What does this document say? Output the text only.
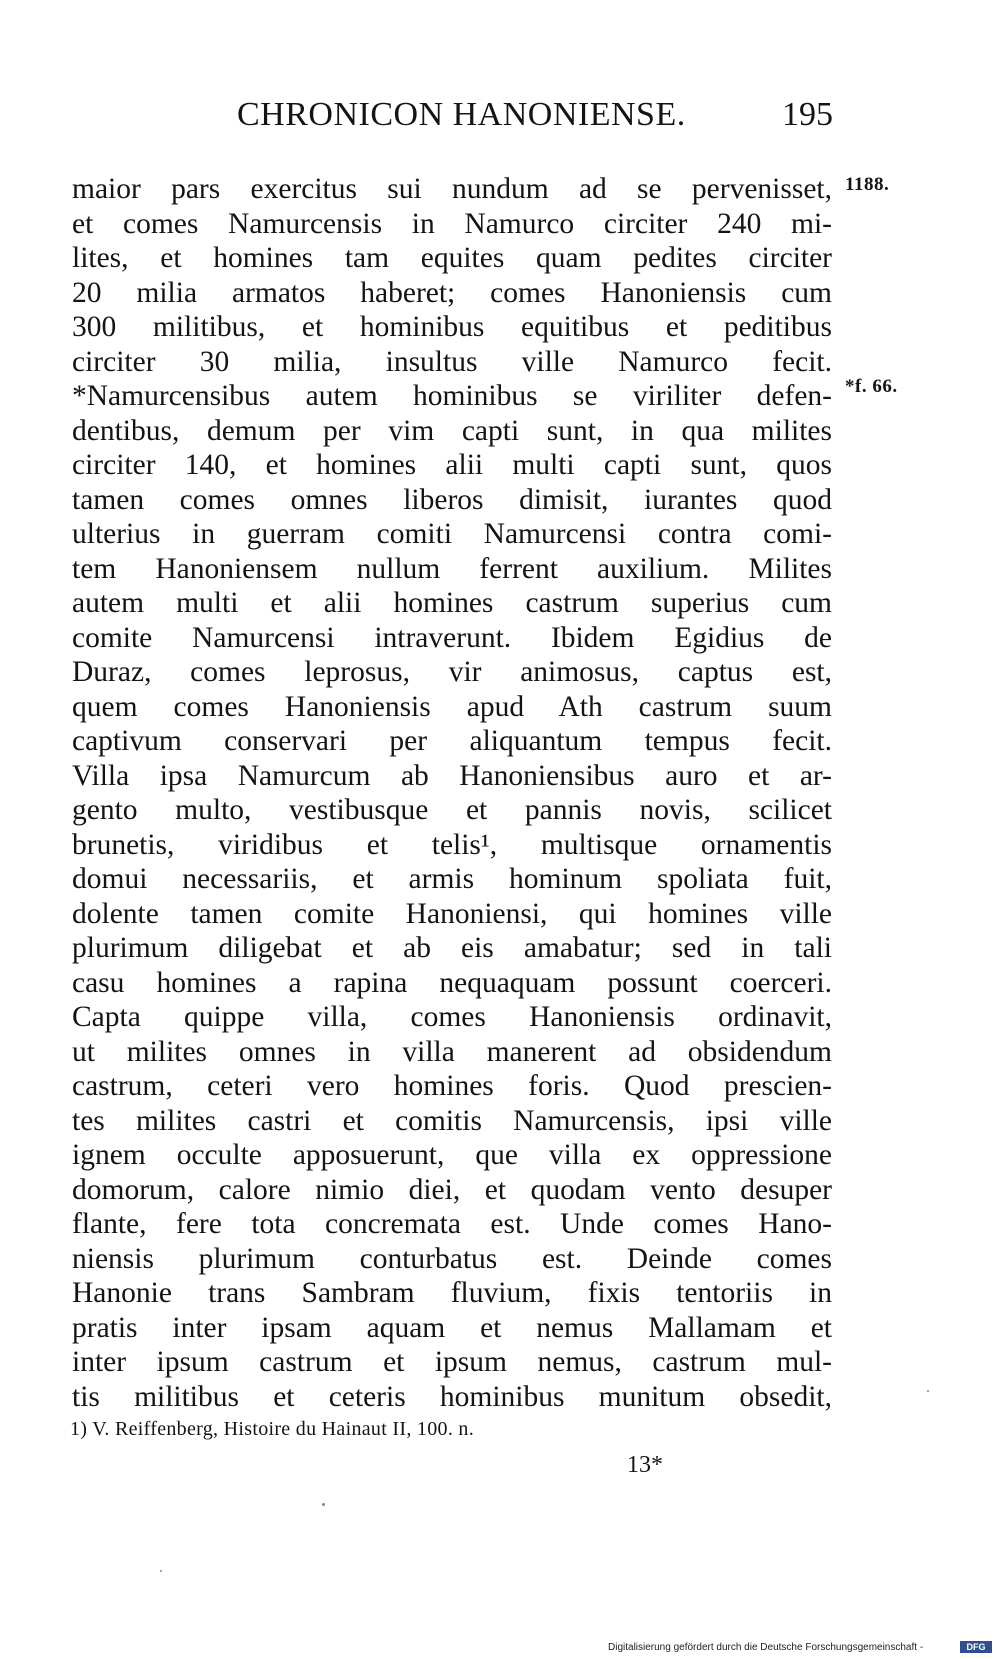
CHRONICON HANONIENSE.	195
1188.
*f. 66.
maior pars exercitus sui nundum ad se pervenisset,
et comes Namurcensis in Namurco circiter 240 mi-
lites, et homines tam equites quam pedites circiter
20 milia armatos haberet; comes Hanoniensis cum
300 militibus, et hominibus equitibus et peditibus
circiter 30 milia, insultus ville Namurco fecit.
*Namurcensibus autem hominibus se viriliter defen-
dentibus, demum per vim capti sunt, in qua milites
circiter 140, et homines alii multi capti sunt, quos
tamen comes omnes liberos dimisit, iurantes quod
ulterius in guerram comiti Namurcensi contra comi-
tem Hanoniensem nullum ferrent auxilium. Milites
autem multi et alii homines castrum superius cum
comite Namurcensi intraverunt. Ibidem Egidius de
Duraz, comes leprosus, vir animosus, captus est,
quem comes Hanoniensis apud Ath castrum suum
captivum conservari per aliquantum tempus fecit.
Villa ipsa Namurcum ab Hanoniensibus auro et ar-
gento multo, vestibusque et pannis novis, scilicet
brunetis, viridibus et telis¹, multisque ornamentis
domui necessariis, et armis hominum spoliata fuit,
dolente tamen comite Hanoniensi, qui homines ville
plurimum diligebat et ab eis amabatur; sed in tali
casu homines a rapina nequaquam possunt coerceri.
Capta quippe villa, comes Hanoniensis ordinavit,
ut milites omnes in villa manerent ad obsidendum
castrum, ceteri vero homines foris. Quod prescien-
tes milites castri et comitis Namurcensis, ipsi ville
ignem occulte apposuerunt, que villa ex oppressione
domorum, calore nimio diei, et quodam vento desuper
flante, fere tota concremata est. Unde comes Hano-
niensis plurimum conturbatus est. Deinde comes
Hanonie trans Sambram fluvium, fixis tentoriis in
pratis inter ipsam aquam et nemus Mallamam et
inter ipsum castrum et ipsum nemus, castrum mul-
tis militibus et ceteris hominibus munitum obsedit,
1) V. Reiffenberg, Histoire du Hainaut II, 100. n.
13*
Digitalisierung gefördert durch die Deutsche Forschungsgemeinschaft -	DFG
